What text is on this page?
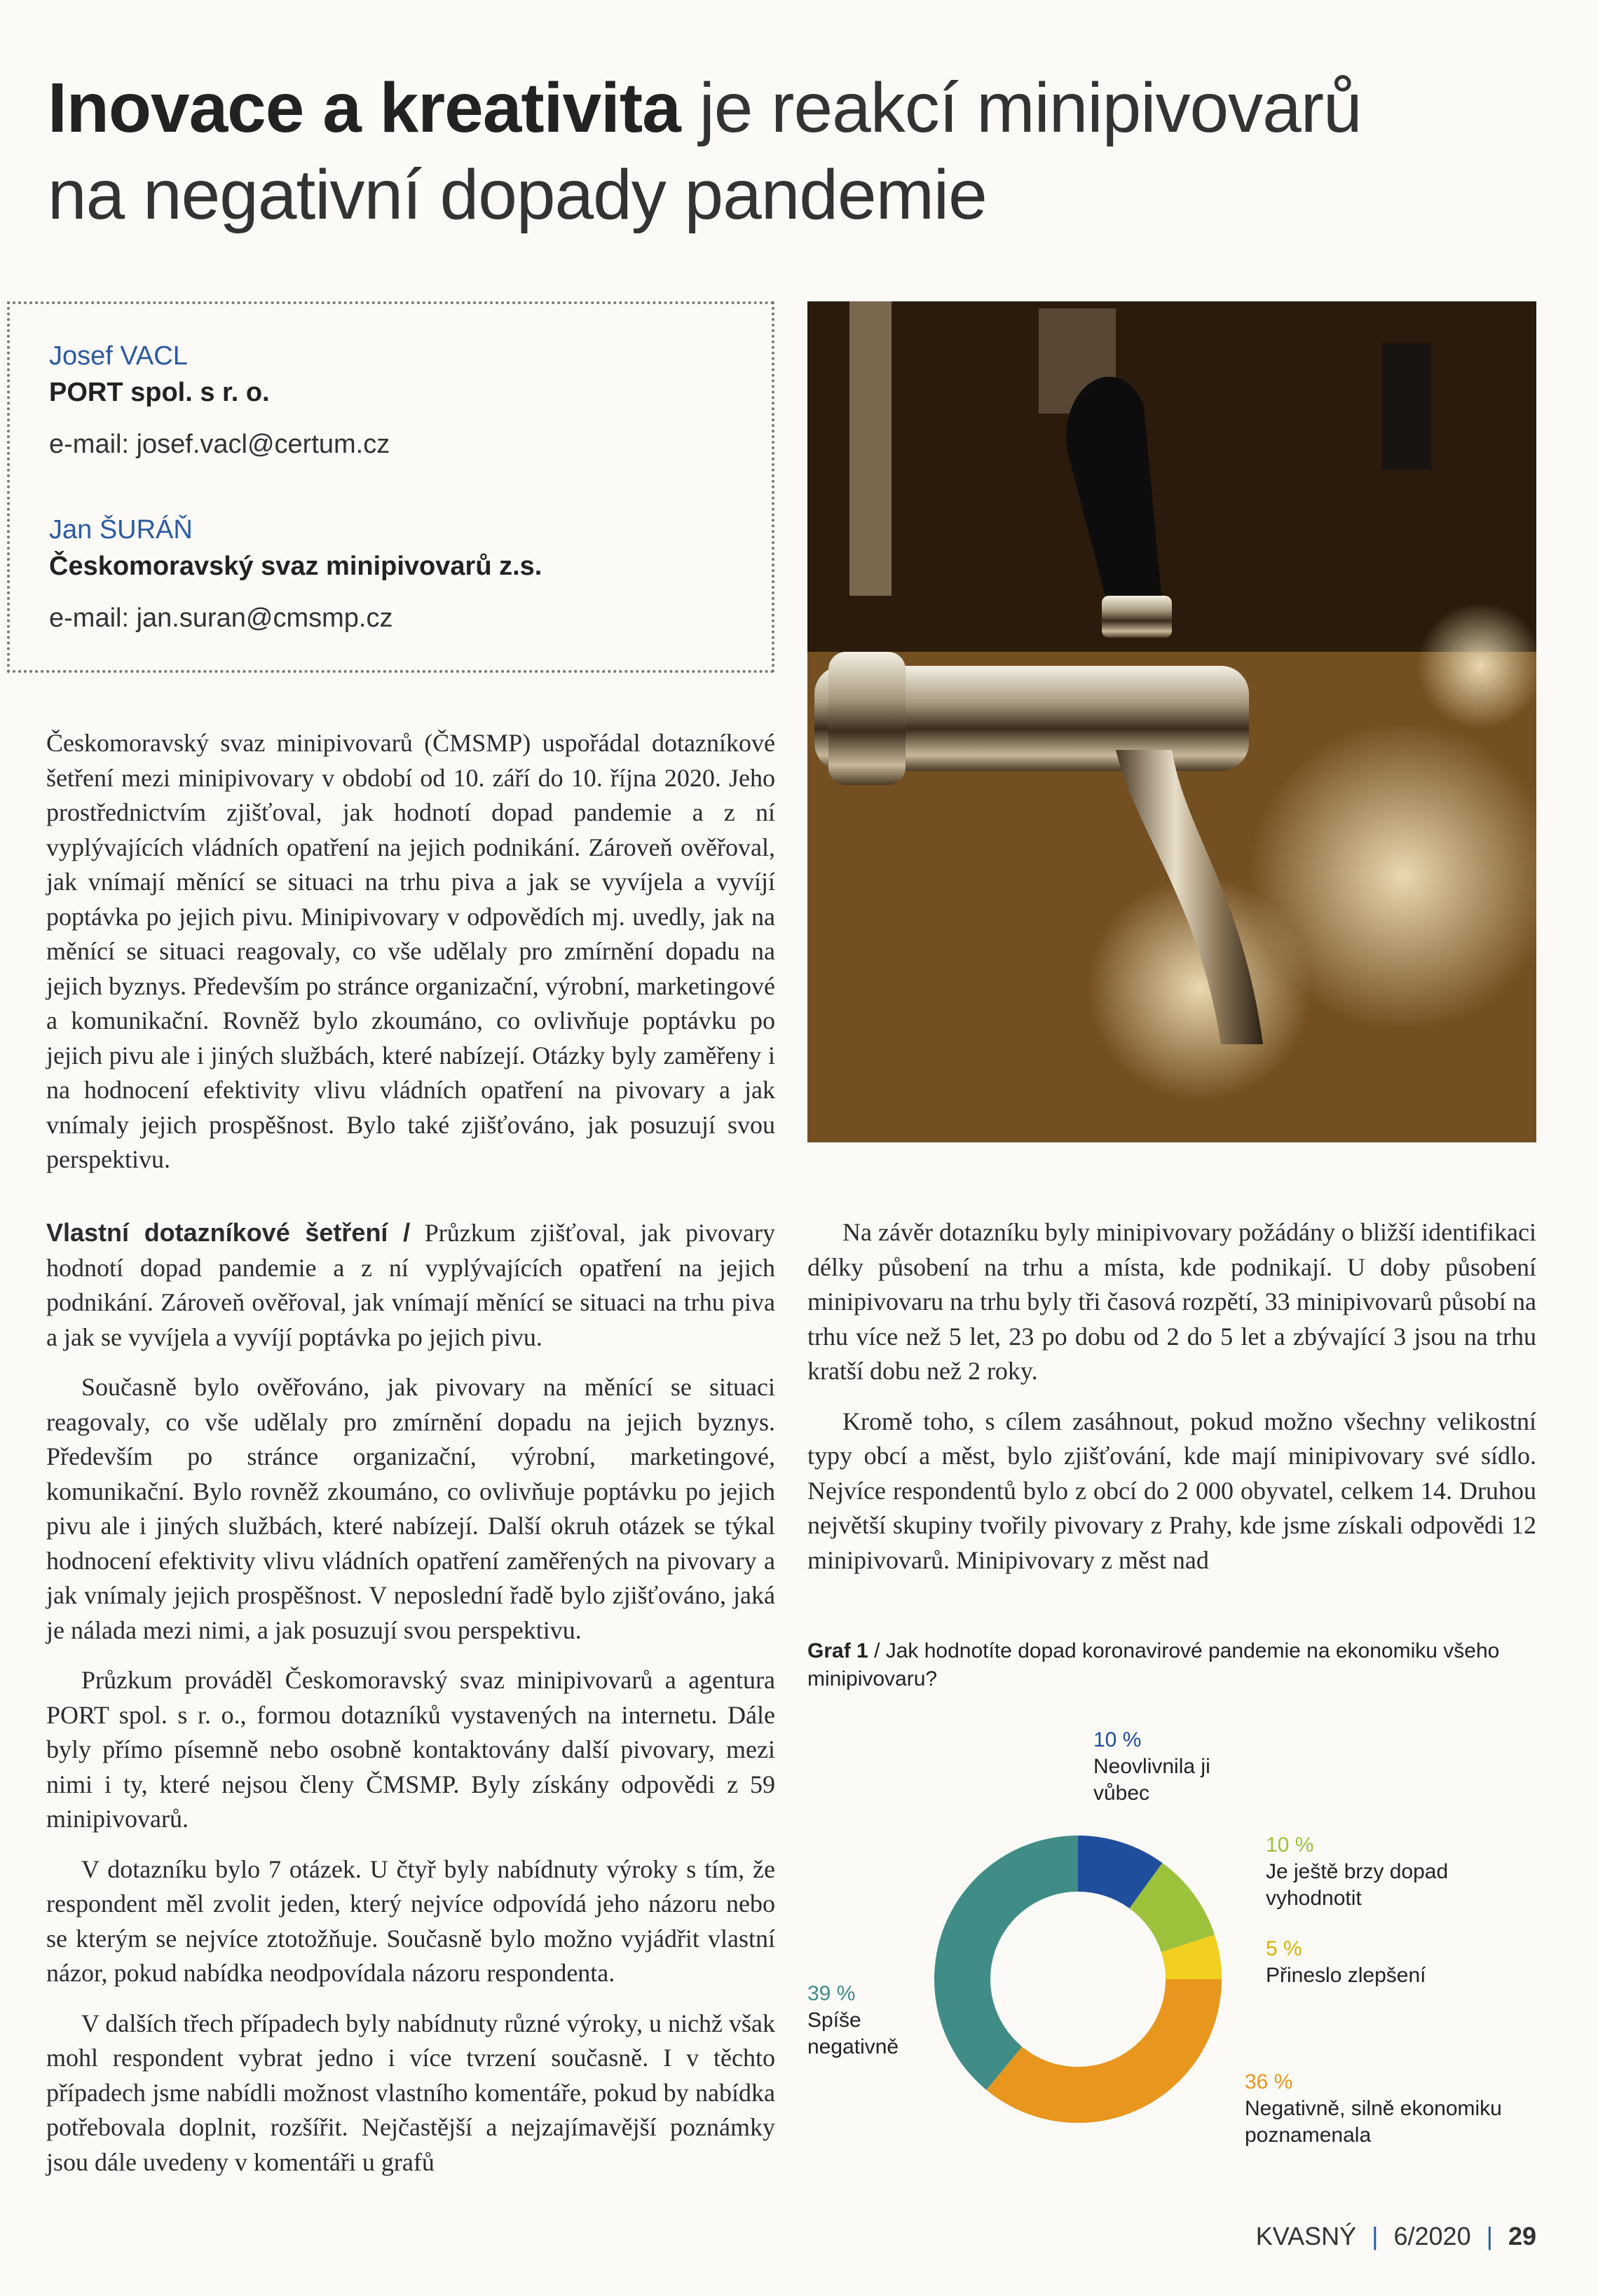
Inovace a kreativita je reakcí minipivovarů
na negativní dopady pandemie
Josef VACL
PORT spol. s r. o.
e-mail: josef.vacl@certum.cz
Jan ŠURÁŇ
Českomoravský svaz minipivovarů z.s.
e-mail: jan.suran@cmsmp.cz

Českomoravský svaz minipivovarů (ČMSMP) uspořádal dotazníkové šetření mezi minipivovary v období od 10. září do 10. října 2020. Jeho prostřednictvím zjišťoval, jak hodnotí dopad pandemie a z ní vyplývajících vládních opatření na jejich podnikání. Zároveň ověřoval, jak vnímají měnící se situaci na trhu piva a jak se vyvíjela a vyvíjí poptávka po jejich pivu. Minipivovary v odpovědích mj. uvedly, jak na měnící se situaci reagovaly, co vše udělaly pro zmírnění dopadu na jejich byznys. Především po stránce organizační, výrobní, marketingové a komunikační. Rovněž bylo zkoumáno, co ovlivňuje poptávku po jejich pivu ale i jiných službách, které nabízejí. Otázky byly zaměřeny i na hodnocení efektivity vlivu vládních opatření na pivovary a jak vnímaly jejich prospěšnost. Bylo také zjišťováno, jak posuzují svou perspektivu.

Vlastní dotazníkové šetření / Průzkum zjišťoval, jak pivovary hodnotí dopad pandemie a z ní vyplývajících opatření na jejich podnikání. Zároveň ověřoval, jak vnímají měnící se situaci na trhu piva a jak se vyvíjela a vyvíjí poptávka po jejich pivu.

Současně bylo ověřováno, jak pivovary na měnící se situaci reagovaly, co vše udělaly pro zmírnění dopadu na jejich byznys. Především po stránce organizační, výrobní, marketingové, komunikační. Bylo rovněž zkoumáno, co ovlivňuje poptávku po jejich pivu ale i jiných službách, které nabízejí. Další okruh otázek se týkal hodnocení efektivity vlivu vládních opatření zaměřených na pivovary a jak vnímaly jejich prospěšnost. V neposlední řadě bylo zjišťováno, jaká je nálada mezi nimi, a jak posuzují svou perspektivu.

Průzkum prováděl Českomoravský svaz minipivovarů a agentura PORT spol. s r. o., formou dotazníků vystavených na internetu. Dále byly přímo písemně nebo osobně kontaktovány další pivovary, mezi nimi i ty, které nejsou členy ČMSMP. Byly získány odpovědi z 59 minipivovarů.

V dotazníku bylo 7 otázek. U čtyř byly nabídnuty výroky s tím, že respondent měl zvolit jeden, který nejvíce odpovídá jeho názoru nebo se kterým se nejvíce ztotožňuje. Současně bylo možno vyjádřit vlastní názor, pokud nabídka neodpovídala názoru respondenta.

V dalších třech případech byly nabídnuty různé výroky, u nichž však mohl respondent vybrat jedno i více tvrzení současně. I v těchto případech jsme nabídli možnost vlastního komentáře, pokud by nabídka potřebovala doplnit, rozšířit. Nejčastější a nejzajímavější poznámky jsou dále uvedeny v komentáři u grafů

Na závěr dotazníku byly minipivovary požádány o bližší identifikaci délky působení na trhu a místa, kde podnikají. U doby působení minipivovaru na trhu byly tři časová rozpětí, 33 minipivovarů působí na trhu více než 5 let, 23 po dobu od 2 do 5 let a zbývající 3 jsou na trhu kratší dobu než 2 roky.

Kromě toho, s cílem zasáhnout, pokud možno všechny velikostní typy obcí a měst, bylo zjišťování, kde mají minipivovary své sídlo. Nejvíce respondentů bylo z obcí do 2 000 obyvatel, celkem 14. Druhou největší skupiny tvořily pivovary z Prahy, kde jsme získali odpovědi 12 minipivovarů. Minipivovary z měst nad

Graf 1 / Jak hodnotíte dopad koronavirové pandemie na ekonomiku všeho minipivovaru?
10 %
Neovlivnila ji vůbec
10 %
Je ještě brzy dopad vyhodnotit
5 %
Přineslo zlepšení
36 %
Negativně, silně ekonomiku poznamenala
39 %
Spíše negativně
KVASNÝ | 6/2020 | 29
